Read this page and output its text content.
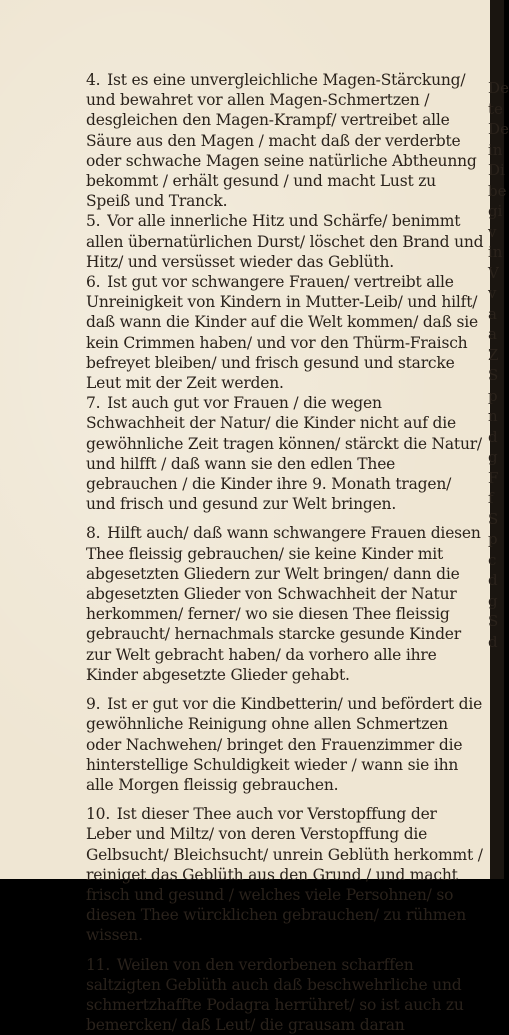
4. Ist es eine unvergleichliche Magen-Stärckung/ und bewahret vor allen Magen-Schmertzen / desgleichen den Magen-Krampf/ vertreibet alle Säure aus den Magen / macht daß der verderbte oder schwache Magen seine natürliche Abtheunng bekommt / erhält gesund / und macht Lust zu Speiß und Tranck.

5. Vor alle innerliche Hitz und Schärfe/ benimmt allen übernatürlichen Durst/ löschet den Brand und Hitz/ und versüsset wieder das Geblüth.

6. Ist gut vor schwangere Frauen/ vertreibt alle Unreinigkeit von Kindern in Mutter-Leib/ und hilft/ daß wann die Kinder auf die Welt kommen/ daß sie kein Crimmen haben/ und vor den Thürm-Fraisch befreyet bleiben/ und frisch gesund und starcke Leut mit der Zeit werden.

7. Ist auch gut vor Frauen / die wegen Schwachheit der Natur/ die Kinder nicht auf die gewöhnliche Zeit tragen können/ stärckt die Natur/ und hilfft / daß wann sie den edlen Thee gebrauchen / die Kinder ihre 9. Monath tragen/ und frisch und gesund zur Welt bringen.

8. Hilft auch/ daß wann schwangere Frauen diesen Thee fleissig gebrauchen/ sie keine Kinder mit abgesetzten Gliedern zur Welt bringen/ dann die abgesetzten Glieder von Schwachheit der Natur herkommen/ ferner/ wo sie diesen Thee fleissig gebraucht/ hernachmals starcke gesunde Kinder zur Welt gebracht haben/ da vorhero alle ihre Kinder abgesetzte Glieder gehabt.

9. Ist er gut vor die Kindbetterin/ und befördert die gewöhnliche Reinigung ohne allen Schmertzen oder Nachwehen/ bringet den Frauenzimmer die hinterstellige Schuldigkeit wieder / wann sie ihn alle Morgen fleissig gebrauchen.

10. Ist dieser Thee auch vor Verstopffung der Leber und Miltz/ von deren Verstopffung die Gelbsucht/ Bleichsucht/ unrein Geblüth herkommt / reiniget das Geblüth aus den Grund / und macht frisch und gesund / welches viele Persohnen/ so diesen Thee würcklichen gebrauchen/ zu rühmen wissen.

11. Weilen von den verdorbenen scharffen saltzigten Geblüth auch daß beschwehrliche und schmertzhaffte Podagra herrühret/ so ist auch zu bemercken/ daß Leut/ die grausam daran

De
te
De
in
Di
be
gi
v
in
V
v
a
a
Z
S
p
n
d
g
F
f
S
p
c
d
g
S
d
